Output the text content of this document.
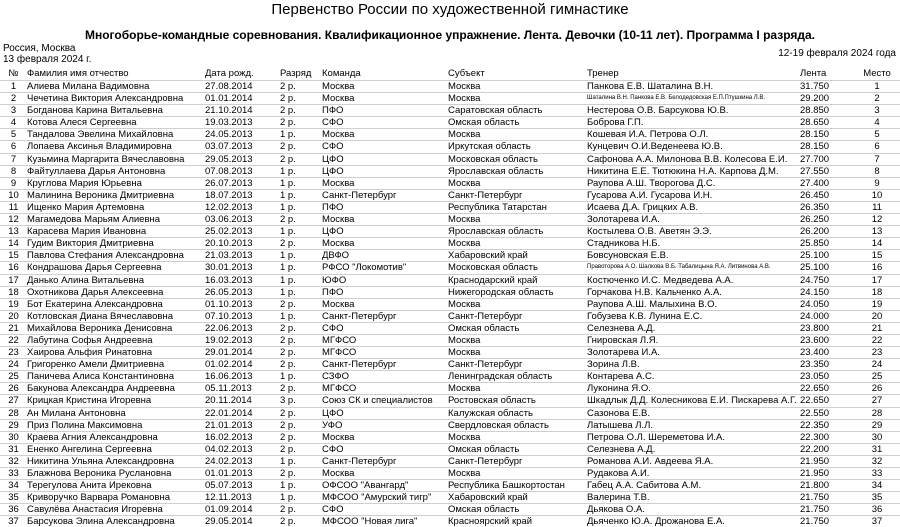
Первенство России по художественной гимнастике
Многоборье-командные соревнования. Квалификационное упражнение. Лента. Девочки (10-11 лет). Программа I разряда.
Россия, Москва
13 февраля 2024 г.
12-19 февраля 2024 года
№	Фамилия имя отчество	Дата рожд.	Разряд	Команда	Субъект	Тренер	Лента	Место
1	Алиева Милана Вадимовна	27.08.2014	2 р.	Москва	Москва	Панкова Е.В. Шаталина В.Н.	31.750	1
2	Чечетина Виктория Александровна	01.01.2014	2 р.	Москва	Москва	Шаталина В.Н. Панкова Е.В. Белодедовская Е.П.Птушкина Л.В.	29.200	2
3	Богданова Карина Витальевна	21.10.2014	2 р.	ПФО	Саратовская область	Нестерова О.В. Барсукова Ю.В.	28.850	3
4	Котова Алеся Сергеевна	19.03.2013	2 р.	СФО	Омская область	Боброва Г.П.	28.650	4
5	Тандалова Эвелина Михайловна	24.05.2013	1 р.	Москва	Москва	Кошевая И.А. Петрова О.Л.	28.150	5
6	Лопаева Аксинья Владимировна	03.07.2013	2 р.	СФО	Иркутская область	Кунцевич О.И.Веденеева Ю.В.	28.150	6
7	Кузьмина Маргарита Вячеславовна	29.05.2013	2 р.	ЦФО	Московская область	Сафонова А.А. Милонова В.В. Колесова Е.И.	27.700	7
8	Файтуллаева Дарья Антоновна	07.08.2013	1 р.	ЦФО	Ярославская область	Никитина Е.Е. Тютюкина Н.А. Карпова Д.М.	27.550	8
9	Круглова Мария Юрьевна	26.07.2013	1 р.	Москва	Москва	Раупова А.Ш. Творогова Д.С.	27.400	9
10	Малинина Вероника Дмитриевна	18.07.2013	1 р.	Санкт-Петербург	Санкт-Петербург	Гусарова А.И. Гусарова И.Н.	26.450	10
11	Ищенко Мария Артемовна	12.02.2013	1 р.	ПФО	Республика Татарстан	Исаева Д.А. Грицких А.В.	26.350	11
12	Магамедова Марьям Алиевна	03.06.2013	2 р.	Москва	Москва	Золотарева И.А.	26.250	12
13	Карасева Мария Ивановна	25.02.2013	1 р.	ЦФО	Ярославская область	Костылева О.В. Аветян Э.Э.	26.200	13
14	Гудим Виктория Дмитриевна	20.10.2013	2 р.	Москва	Москва	Стадникова Н.Б.	25.850	14
15	Павлова Стефания Александровна	21.03.2013	1 р.	ДВФО	Хабаровский край	Бовсуновская Е.В.	25.100	15
16	Кондрашова Дарья Сергеевна	30.01.2013	1 р.	РФСО "Локомотив"	Московская область	Правоторова А.О. Шалкова В.Б. Табалицына Я.А. Литвинова А.В.	25.100	16
17	Данько Алина Витальевна	16.03.2013	1 р.	ЮФО	Краснодарский край	Костюченко И.С. Медведева А.А.	24.750	17
18	Охотникова Дарья Алексеевна	26.05.2013	1 р.	ПФО	Нижегородская область	Горчакова Н.В. Кальченко А.А.	24.150	18
19	Бот Екатерина Александровна	01.10.2013	2 р.	Москва	Москва	Раупова А.Ш. Малыхина В.О.	24.050	19
20	Котловская Диана Вячеславовна	07.10.2013	1 р.	Санкт-Петербург	Санкт-Петербург	Гобузева К.В. Лунина Е.С.	24.000	20
21	Михайлова Вероника Денисовна	22.06.2013	2 р.	СФО	Омская область	Селезнева А.Д.	23.800	21
22	Лабутина Софья Андреевна	19.02.2013	2 р.	МГФСО	Москва	Гнировская Л.Я.	23.600	22
23	Хаирова Альфия Ринатовна	29.01.2014	2 р.	МГФСО	Москва	Золотарева И.А.	23.400	23
24	Григоренко Амели Дмитриевна	01.02.2014	2 р.	Санкт-Петербург	Санкт-Петербург	Зорина Л.В.	23.350	24
25	Паничева Алиса Константиновна	16.06.2013	1 р.	СЗФО	Ленинградская область	Контарева А.С.	23.050	25
26	Бакунова Александра Андреевна	05.11.2013	2 р.	МГФСО	Москва	Луконина Я.О.	22.650	26
27	Крицкая Кристина Игоревна	20.11.2014	3 р.	Союз СК и специалистов	Ростовская область	Шкадлык Д.Д. Колесникова Е.И. Пискарева А.Г.	22.650	27
28	Ан Милана Антоновна	22.01.2014	2 р.	ЦФО	Калужская область	Сазонова Е.В.	22.550	28
29	Приз Полина Максимовна	21.01.2013	2 р.	УФО	Свердловская область	Латышева Л.Л.	22.350	29
30	Краева Агния Александровна	16.02.2013	2 р.	Москва	Москва	Петрова О.Л. Шереметова И.А.	22.300	30
31	Ененко Ангелина Сергеевна	04.02.2013	2 р.	СФО	Омская область	Селезнева А.Д.	22.200	31
32	Никитина Ульяна Александровна	24.02.2013	1 р.	Санкт-Петербург	Санкт-Петербург	Романова А.И. Авдеева Я.А.	21.950	32
33	Блажнова Вероника Руслановна	01.01.2013	2 р.	Москва	Москва	Рудакова А.И.	21.950	33
34	Терегулова Анита Ирековна	05.07.2013	1 р.	ОФСОО "Авангард"	Республика Башкортостан	Габец А.А. Сабитова А.М.	21.800	34
35	Кривоpучко Варвара Романовна	12.11.2013	1 р.	МФСОО "Амурский тигр"	Хабаровский край	Валерина Т.В.	21.750	35
36	Савулёва Анастасия Игоревна	01.09.2014	2 р.	СФО	Омская область	Дьякова О.А.	21.750	36
37	Барсукова Элина Александровна	29.05.2014	2 р.	МФСОО "Новая лига"	Краснoярский край	Дьяченко Ю.А. Дрожанова Е.А.	21.750	37
